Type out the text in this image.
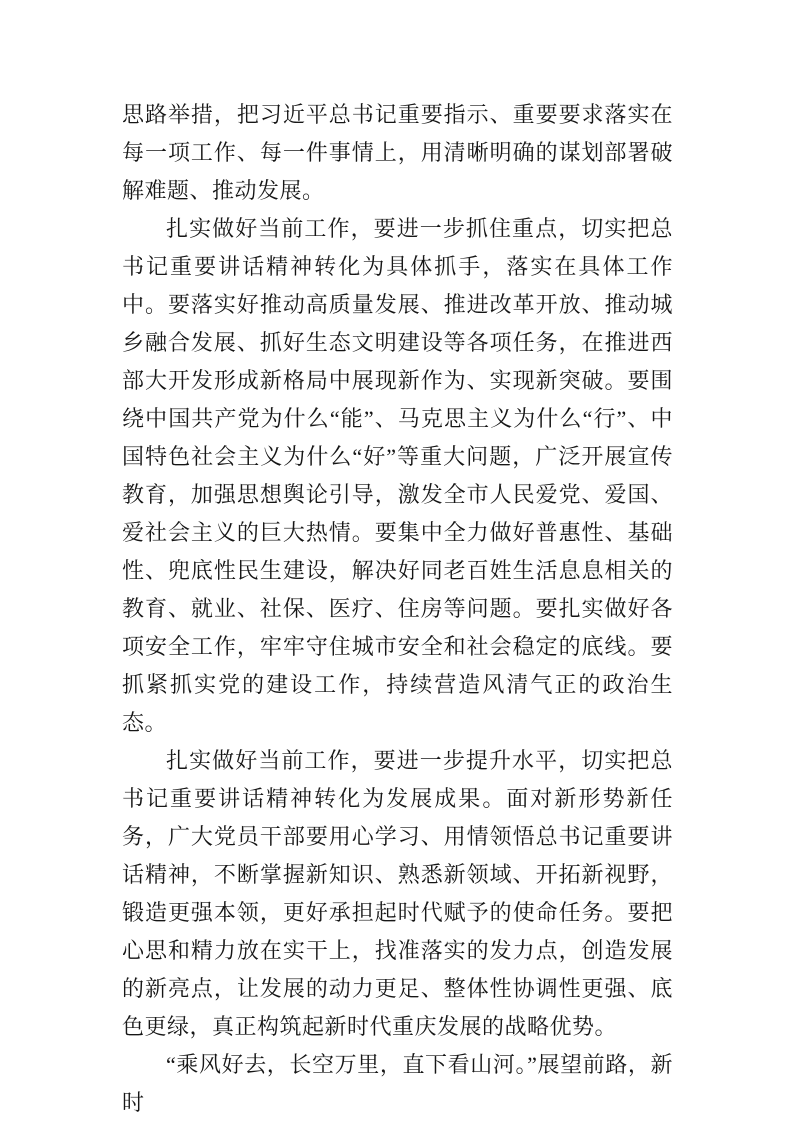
思路举措，把习近平总书记重要指示、重要要求落实在每一项工作、每一件事情上，用清晰明确的谋划部署破解难题、推动发展。

扎实做好当前工作，要进一步抓住重点，切实把总书记重要讲话精神转化为具体抓手，落实在具体工作中。要落实好推动高质量发展、推进改革开放、推动城乡融合发展、抓好生态文明建设等各项任务，在推进西部大开发形成新格局中展现新作为、实现新突破。要围绕中国共产党为什么“能”、马克思主义为什么“行”、中国特色社会主义为什么“好”等重大问题，广泛开展宣传教育，加强思想舆论引导，激发全市人民爱党、爱国、爱社会主义的巨大热情。要集中全力做好普惠性、基础性、兜底性民生建设，解决好同老百姓生活息息相关的教育、就业、社保、医疗、住房等问题。要扎实做好各项安全工作，牢牢守住城市安全和社会稳定的底线。要抓紧抓实党的建设工作，持续营造风清气正的政治生态。

扎实做好当前工作，要进一步提升水平，切实把总书记重要讲话精神转化为发展成果。面对新形势新任务，广大党员干部要用心学习、用情领悟总书记重要讲话精神，不断掌握新知识、熟悉新领域、开拓新视野，锻造更强本领，更好承担起时代赋予的使命任务。要把心思和精力放在实干上，找准落实的发力点，创造发展的新亮点，让发展的动力更足、整体性协调性更强、底色更绿，真正构筑起新时代重庆发展的战略优势。

“乘风好去，长空万里，直下看山河。”展望前路，新时
